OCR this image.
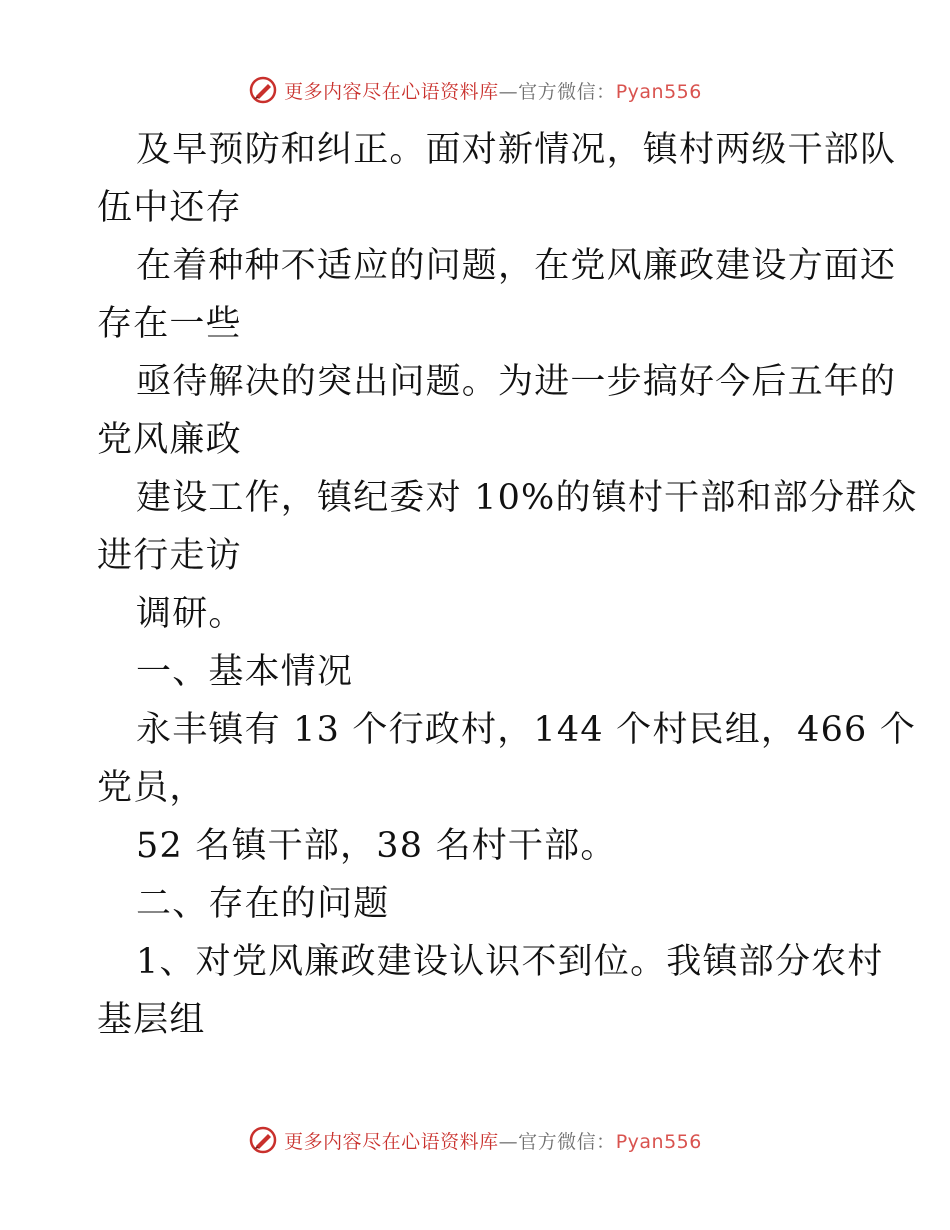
更多内容尽在心语资料库—官方微信：Pyan556
及早预防和纠正。面对新情况，镇村两级干部队
伍中还存
在着种种不适应的问题，在党风廉政建设方面还
存在一些
亟待解决的突出问题。为进一步搞好今后五年的
党风廉政
建设工作，镇纪委对 10%的镇村干部和部分群众
进行走访
调研。
一、基本情况
永丰镇有 13 个行政村，144 个村民组，466 个
党员，
52 名镇干部，38 名村干部。
二、存在的问题
1、对党风廉政建设认识不到位。我镇部分农村
基层组
更多内容尽在心语资料库—官方微信：Pyan556
